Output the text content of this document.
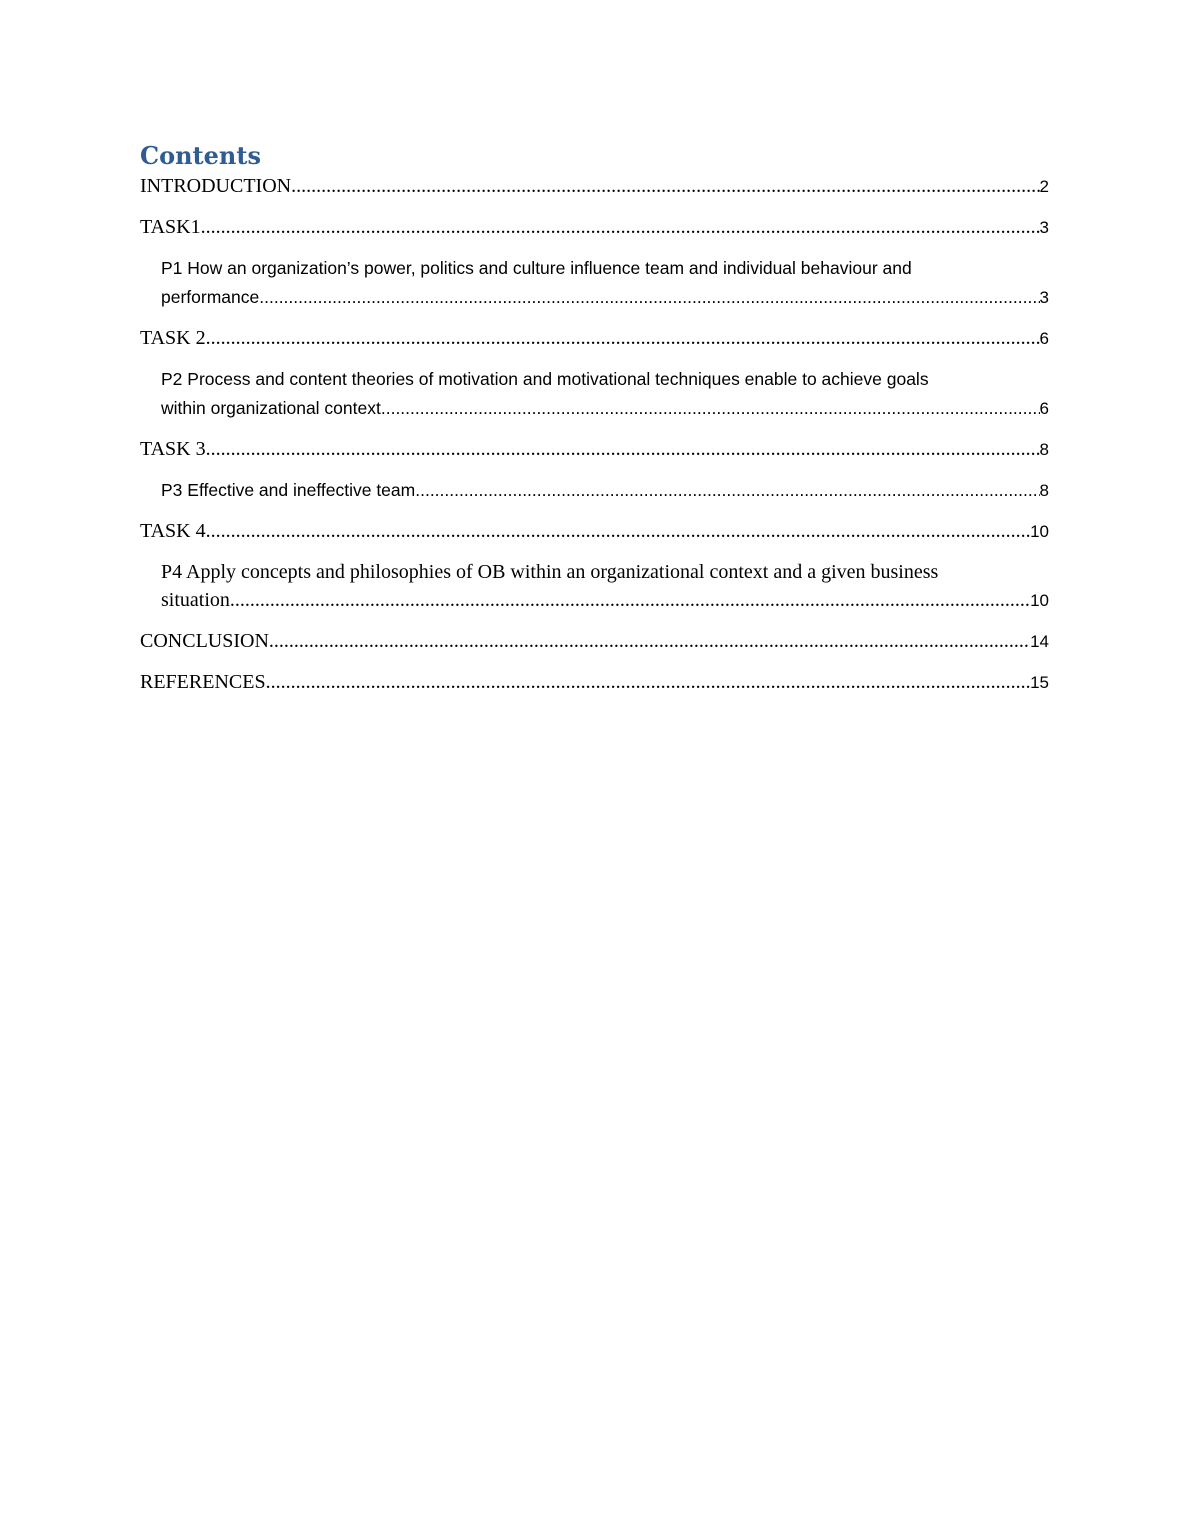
Contents
INTRODUCTION .....	2
TASK1 .....	3
P1 How an organization’s power, politics and culture influence team and individual behaviour and
performance .....	3
TASK 2 .....	6
P2 Process and content theories of motivation and motivational techniques enable to achieve goals
within organizational context .....	6
TASK 3 .....	8
P3 Effective and ineffective team .....	8
TASK 4 .....	10
P4 Apply concepts and philosophies of OB within an organizational context and a given business
situation .....	10
CONCLUSION .....	14
REFERENCES .....	15
